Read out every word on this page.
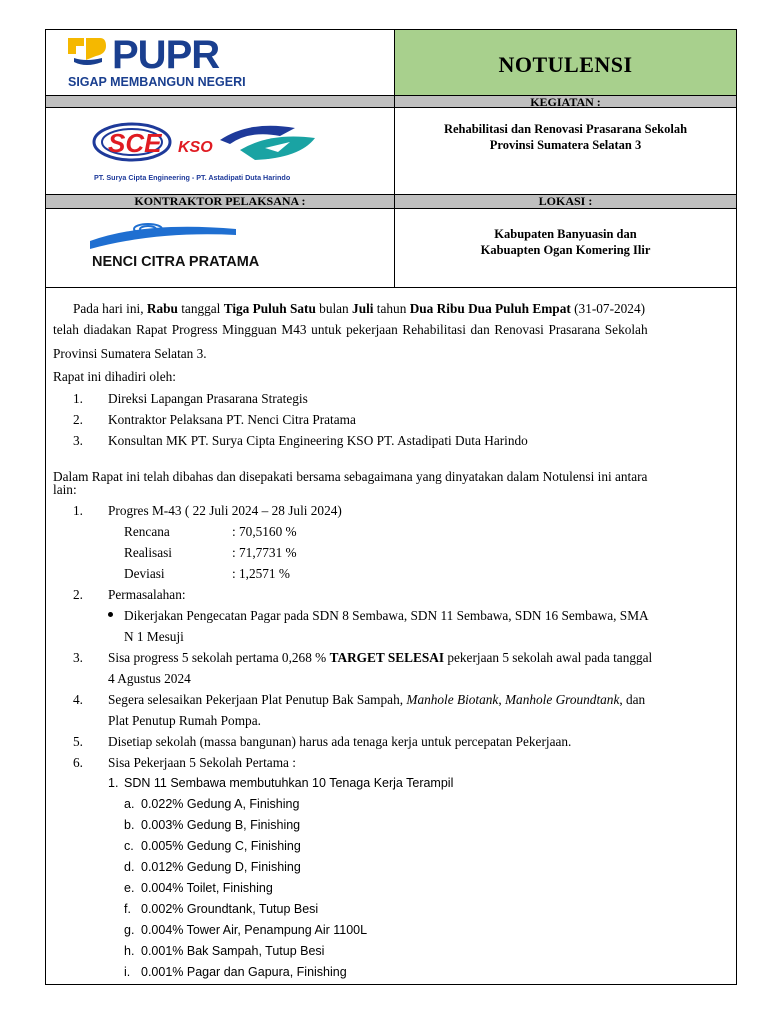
PUPR
SIGAP MEMBANGUN NEGERI
NOTULENSI
KEGIATAN :
SCE KSO
PT. Surya Cipta Engineering - PT. Astadipati Duta Harindo
Rehabilitasi dan Renovasi Prasarana Sekolah
Provinsi Sumatera Selatan 3
KONTRAKTOR PELAKSANA :	LOKASI :
NENCI CITRA PRATAMA
Kabupaten Banyuasin dan
Kabuapten Ogan Komering Ilir
Pada hari ini, Rabu tanggal Tiga Puluh Satu bulan Juli tahun Dua Ribu Dua Puluh Empat (31-07-2024)
telah diadakan Rapat Progress Mingguan M43 untuk pekerjaan Rehabilitasi dan Renovasi Prasarana Sekolah
Provinsi Sumatera Selatan 3.
Rapat ini dihadiri oleh:
1. Direksi Lapangan Prasarana Strategis
2. Kontraktor Pelaksana PT. Nenci Citra Pratama
3. Konsultan MK PT. Surya Cipta Engineering KSO PT. Astadipati Duta Harindo
Dalam Rapat ini telah dibahas dan disepakati bersama sebagaimana yang dinyatakan dalam Notulensi ini antara
lain:
1. Progres M-43 ( 22 Juli 2024 – 28 Juli 2024)
Rencana	: 70,5160 %
Realisasi	: 71,7731 %
Deviasi	: 1,2571 %
2. Permasalahan:
Dikerjakan Pengecatan Pagar pada SDN 8 Sembawa, SDN 11 Sembawa, SDN 16 Sembawa, SMA
N 1 Mesuji
3. Sisa progress 5 sekolah pertama 0,268 % TARGET SELESAI pekerjaan 5 sekolah awal pada tanggal
4 Agustus 2024
4. Segera selesaikan Pekerjaan Plat Penutup Bak Sampah, Manhole Biotank, Manhole Groundtank, dan
Plat Penutup Rumah Pompa.
5. Disetiap sekolah (massa bangunan) harus ada tenaga kerja untuk percepatan Pekerjaan.
6. Sisa Pekerjaan 5 Sekolah Pertama :
1. SDN 11 Sembawa membutuhkan 10 Tenaga Kerja Terampil
a. 0.022% Gedung A, Finishing
b. 0.003% Gedung B, Finishing
c. 0.005% Gedung C, Finishing
d. 0.012% Gedung D, Finishing
e. 0.004% Toilet, Finishing
f. 0.002% Groundtank, Tutup Besi
g. 0.004% Tower Air, Penampung Air 1100L
h. 0.001% Bak Sampah, Tutup Besi
i. 0.001% Pagar dan Gapura, Finishing
